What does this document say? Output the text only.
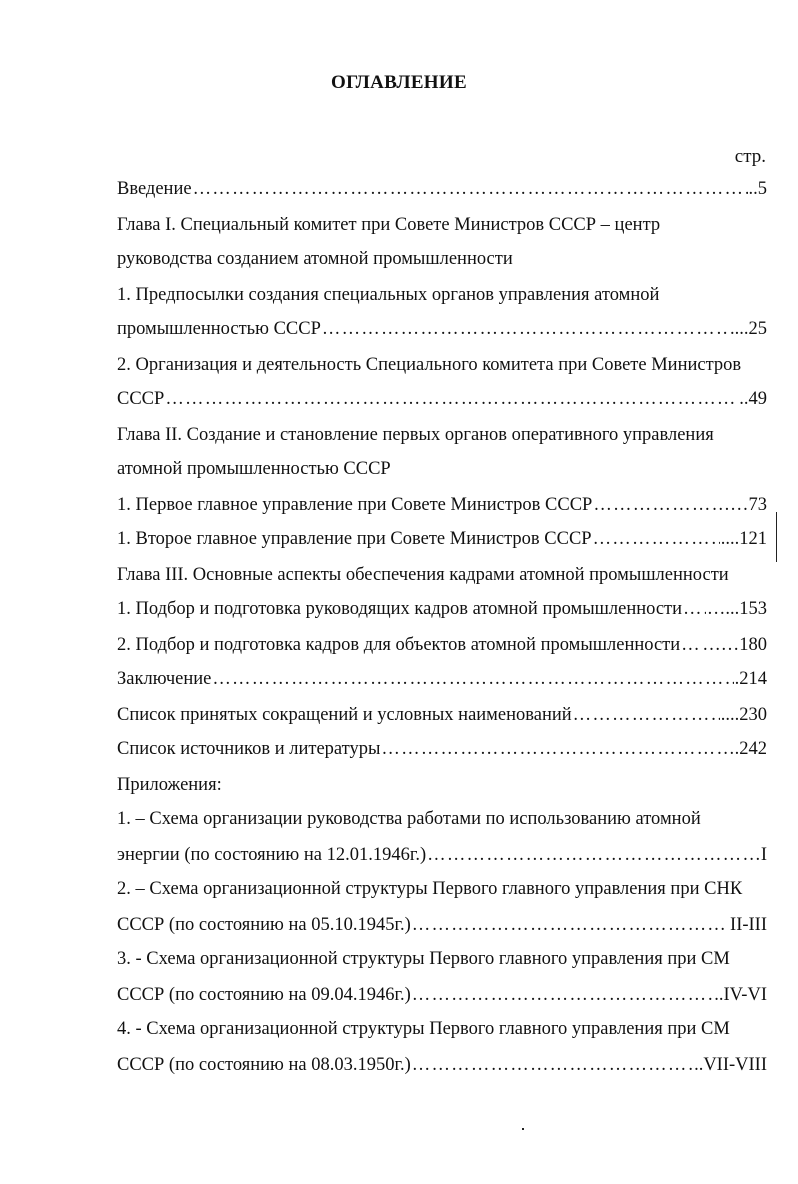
ОГЛАВЛЕНИЕ
стр.
Введение ………………………………………………………………………………………………………………………………………………………………	..5
Глава I. Специальный комитет при Совете Министров СССР – центр
руководства созданием атомной промышленности
1. Предпосылки создания специальных органов управления атомной
промышленностью СССР ………………………………………………………………………………………………………………………………………………………………	....25
2. Организация и деятельность Специального комитета при Совете Министров
СССР ………………………………………………………………………………………………………………………………………………………………	..49
Глава II. Создание и становление первых органов оперативного управления
атомной промышленностью СССР
1. Первое главное управление при Совете Министров СССР ………………………………………………………………………………………………………………………………………………………………	…73
1. Второе главное управление при Совете Министров СССР ………………………………………………………………………………………………………………………………………………………………	....121
Глава III. Основные аспекты обеспечения кадрами атомной промышленности
1. Подбор и подготовка руководящих кадров атомной промышленности ……………………………………………………………………………………………………………………………………………………………… …...153
2. Подбор и подготовка кадров для объектов атомной промышленности ……………………………………………………………………………………………………………………………………………………………… ……180
Заключение ………………………………………………………………………………………………………………………………………………………………	.214
Список принятых сокращений и условных наименований ………………………………………………………………………………………………………………………………………………………………	....230
Список источников и литературы ………………………………………………………………………………………………………………………………………………………………	.242
Приложения:
1. – Схема организации руководства работами по использованию атомной
энергии (по состоянию на 12.01.1946г.) ………………………………………………………………………………………………………………………………………………………………	I
2. – Схема организационной структуры Первого главного управления при СНК
СССР (по состоянию на 05.10.1945г.) ………………………………………………………………………………………………………………………………………………………………	II-III
3. - Схема организационной структуры Первого главного управления при СМ
СССР (по состоянию на 09.04.1946г.) ………………………………………………………………………………………………………………………………………………………………	..IV-VI
4. - Схема организационной структуры Первого главного управления при СМ
СССР (по состоянию на 08.03.1950г.) ………………………………………………………………………………………………………………………………………………………………	..VII-VIII
